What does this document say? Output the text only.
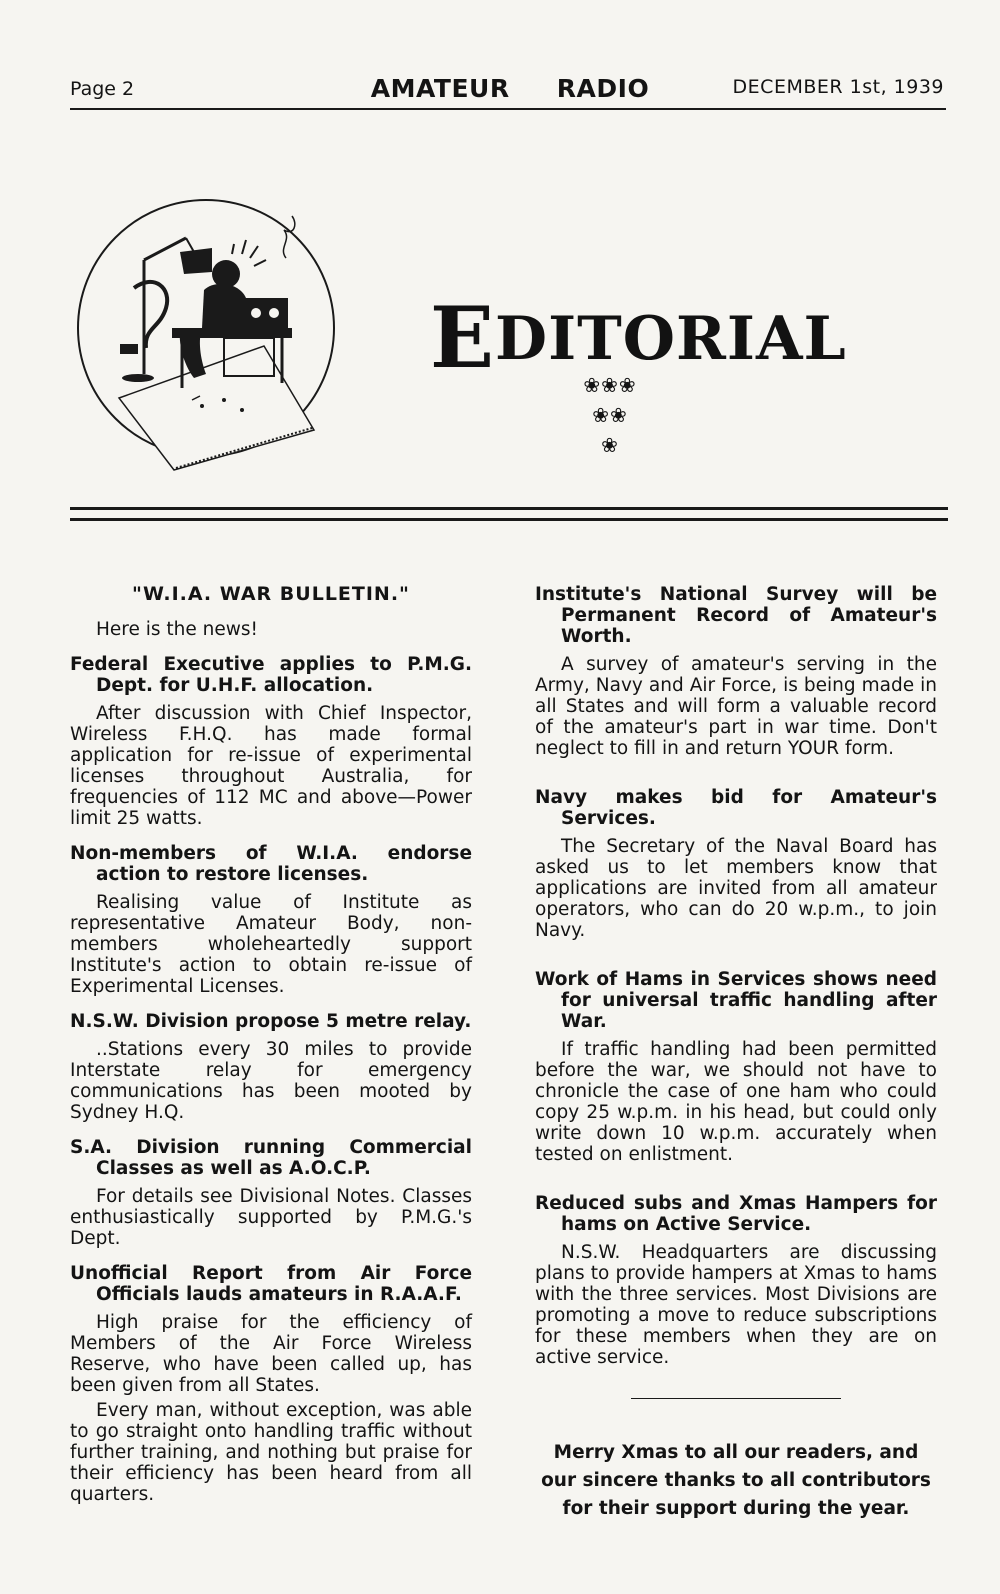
Page 2	AMATEUR RADIO	DECEMBER 1st, 1939
EDITORIAL
❀❀❀
❀❀
❀
"W.I.A. WAR BULLETIN."
Here is the news!
Federal Executive applies to P.M.G. Dept. for U.H.F. allocation.
After discussion with Chief Inspector, Wireless F.H.Q. has made formal application for re-issue of experimental licenses throughout Australia, for frequencies of 112 MC and above—Power limit 25 watts.
Non-members of W.I.A. endorse action to restore licenses.
Realising value of Institute as representative Amateur Body, non-members wholeheartedly support Institute's action to obtain re-issue of Experimental Licenses.
N.S.W. Division propose 5 metre relay.
..Stations every 30 miles to provide Interstate relay for emergency communications has been mooted by Sydney H.Q.
S.A. Division running Commercial Classes as well as A.O.C.P.
For details see Divisional Notes. Classes enthusiastically supported by P.M.G.'s Dept.
Unofficial Report from Air Force Officials lauds amateurs in R.A.A.F.
High praise for the efficiency of Members of the Air Force Wireless Reserve, who have been called up, has been given from all States.
Every man, without exception, was able to go straight onto handling traffic without further training, and nothing but praise for their efficiency has been heard from all quarters.
Institute's National Survey will be Permanent Record of Amateur's Worth.
A survey of amateur's serving in the Army, Navy and Air Force, is being made in all States and will form a valuable record of the amateur's part in war time. Don't neglect to fill in and return YOUR form.
Navy makes bid for Amateur's Services.
The Secretary of the Naval Board has asked us to let members know that applications are invited from all amateur operators, who can do 20 w.p.m., to join Navy.
Work of Hams in Services shows need for universal traffic handling after War.
If traffic handling had been permitted before the war, we should not have to chronicle the case of one ham who could copy 25 w.p.m. in his head, but could only write down 10 w.p.m. accurately when tested on enlistment.
Reduced subs and Xmas Hampers for hams on Active Service.
N.S.W. Headquarters are discussing plans to provide hampers at Xmas to hams with the three services. Most Divisions are promoting a move to reduce subscriptions for these members when they are on active service.
Merry Xmas to all our readers, and our sincere thanks to all contributors for their support during the year.
